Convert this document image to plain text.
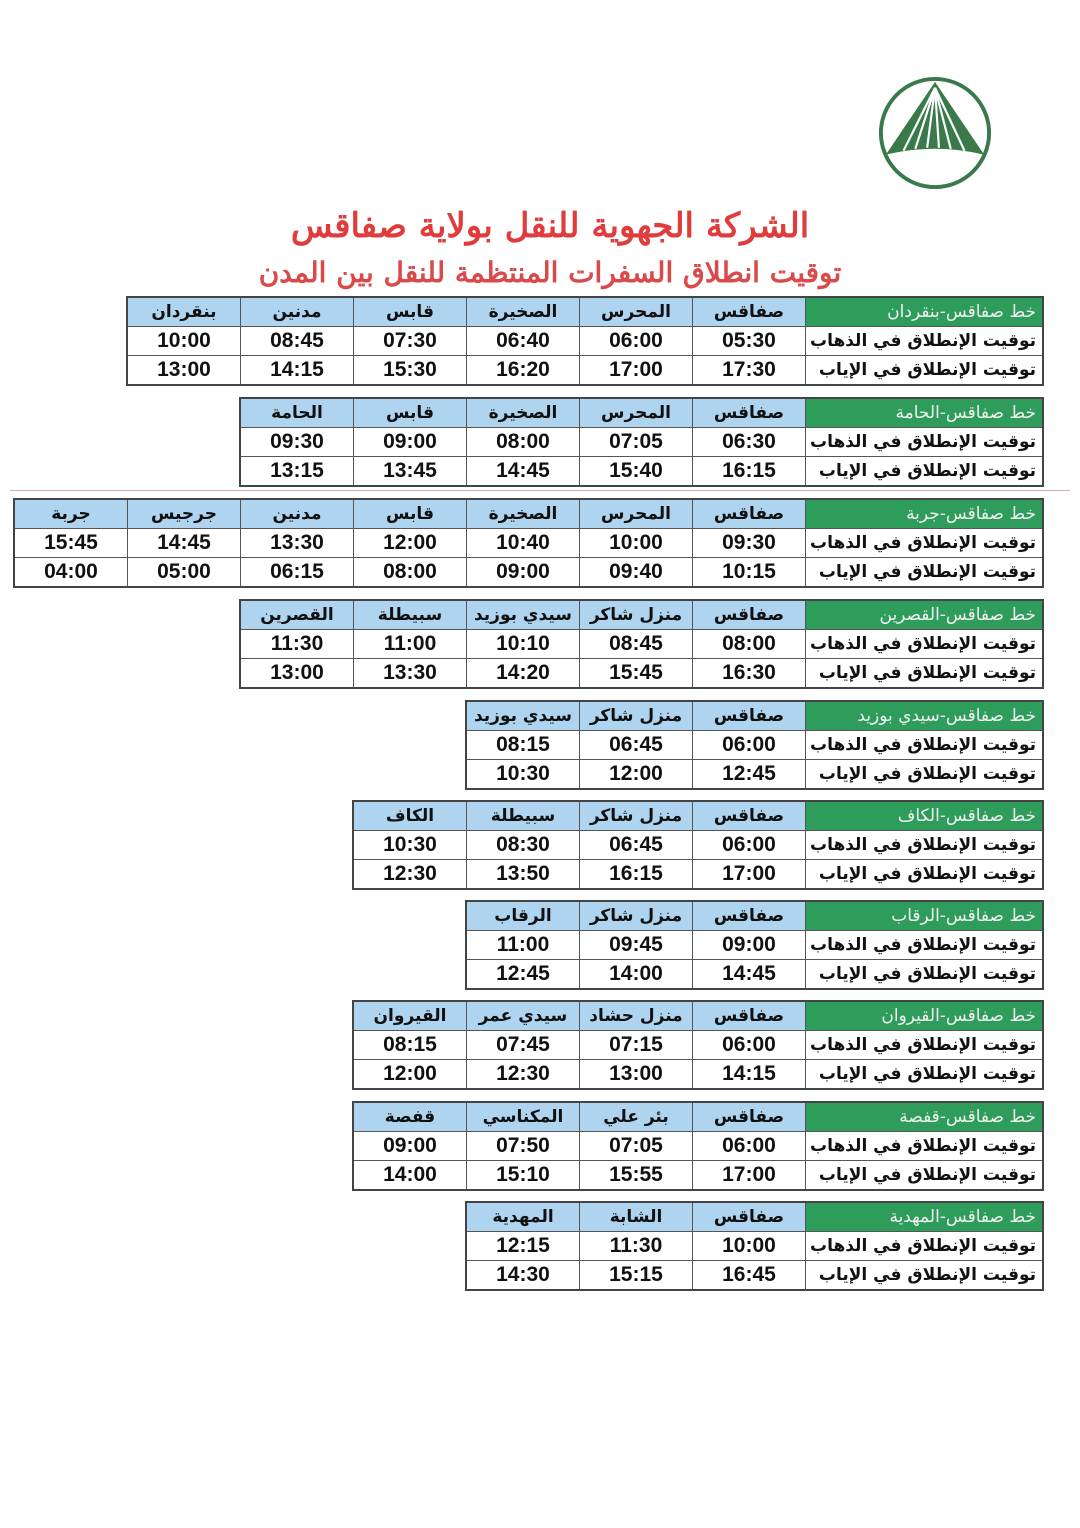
الشركة الجهوية للنقل بولاية صفاقس
توقيت انطلاق السفرات المنتظمة للنقل بين المدن
خط صفاقس-بنقردان	صفاقس	المحرس	الصخيرة	قابس	مدنين	بنقردان
توقيت الإنطلاق في الذهاب	05:30	06:00	06:40	07:30	08:45	10:00
توقيت الإنطلاق في الإياب	17:30	17:00	16:20	15:30	14:15	13:00
خط صفاقس-الحامة	صفاقس	المحرس	الصخيرة	قابس	الحامة
توقيت الإنطلاق في الذهاب	06:30	07:05	08:00	09:00	09:30
توقيت الإنطلاق في الإياب	16:15	15:40	14:45	13:45	13:15
خط صفاقس-جربة	صفاقس	المحرس	الصخيرة	قابس	مدنين	جرجيس	جربة
توقيت الإنطلاق في الذهاب	09:30	10:00	10:40	12:00	13:30	14:45	15:45
توقيت الإنطلاق في الإياب	10:15	09:40	09:00	08:00	06:15	05:00	04:00
خط صفاقس-القصرين	صفاقس	منزل شاكر	سيدي بوزيد	سبيطلة	القصرين
توقيت الإنطلاق في الذهاب	08:00	08:45	10:10	11:00	11:30
توقيت الإنطلاق في الإياب	16:30	15:45	14:20	13:30	13:00
خط صفاقس-سيدي بوزيد	صفاقس	منزل شاكر	سيدي بوزيد
توقيت الإنطلاق في الذهاب	06:00	06:45	08:15
توقيت الإنطلاق في الإياب	12:45	12:00	10:30
خط صفاقس-الكاف	صفاقس	منزل شاكر	سبيطلة	الكاف
توقيت الإنطلاق في الذهاب	06:00	06:45	08:30	10:30
توقيت الإنطلاق في الإياب	17:00	16:15	13:50	12:30
خط صفاقس-الرقاب	صفاقس	منزل شاكر	الرقاب
توقيت الإنطلاق في الذهاب	09:00	09:45	11:00
توقيت الإنطلاق في الإياب	14:45	14:00	12:45
خط صفاقس-القيروان	صفاقس	منزل حشاد	سيدي عمر	القيروان
توقيت الإنطلاق في الذهاب	06:00	07:15	07:45	08:15
توقيت الإنطلاق في الإياب	14:15	13:00	12:30	12:00
خط صفاقس-قفصة	صفاقس	بئر علي	المكناسي	قفصة
توقيت الإنطلاق في الذهاب	06:00	07:05	07:50	09:00
توقيت الإنطلاق في الإياب	17:00	15:55	15:10	14:00
خط صفاقس-المهدية	صفاقس	الشابة	المهدية
توقيت الإنطلاق في الذهاب	10:00	11:30	12:15
توقيت الإنطلاق في الإياب	16:45	15:15	14:30
